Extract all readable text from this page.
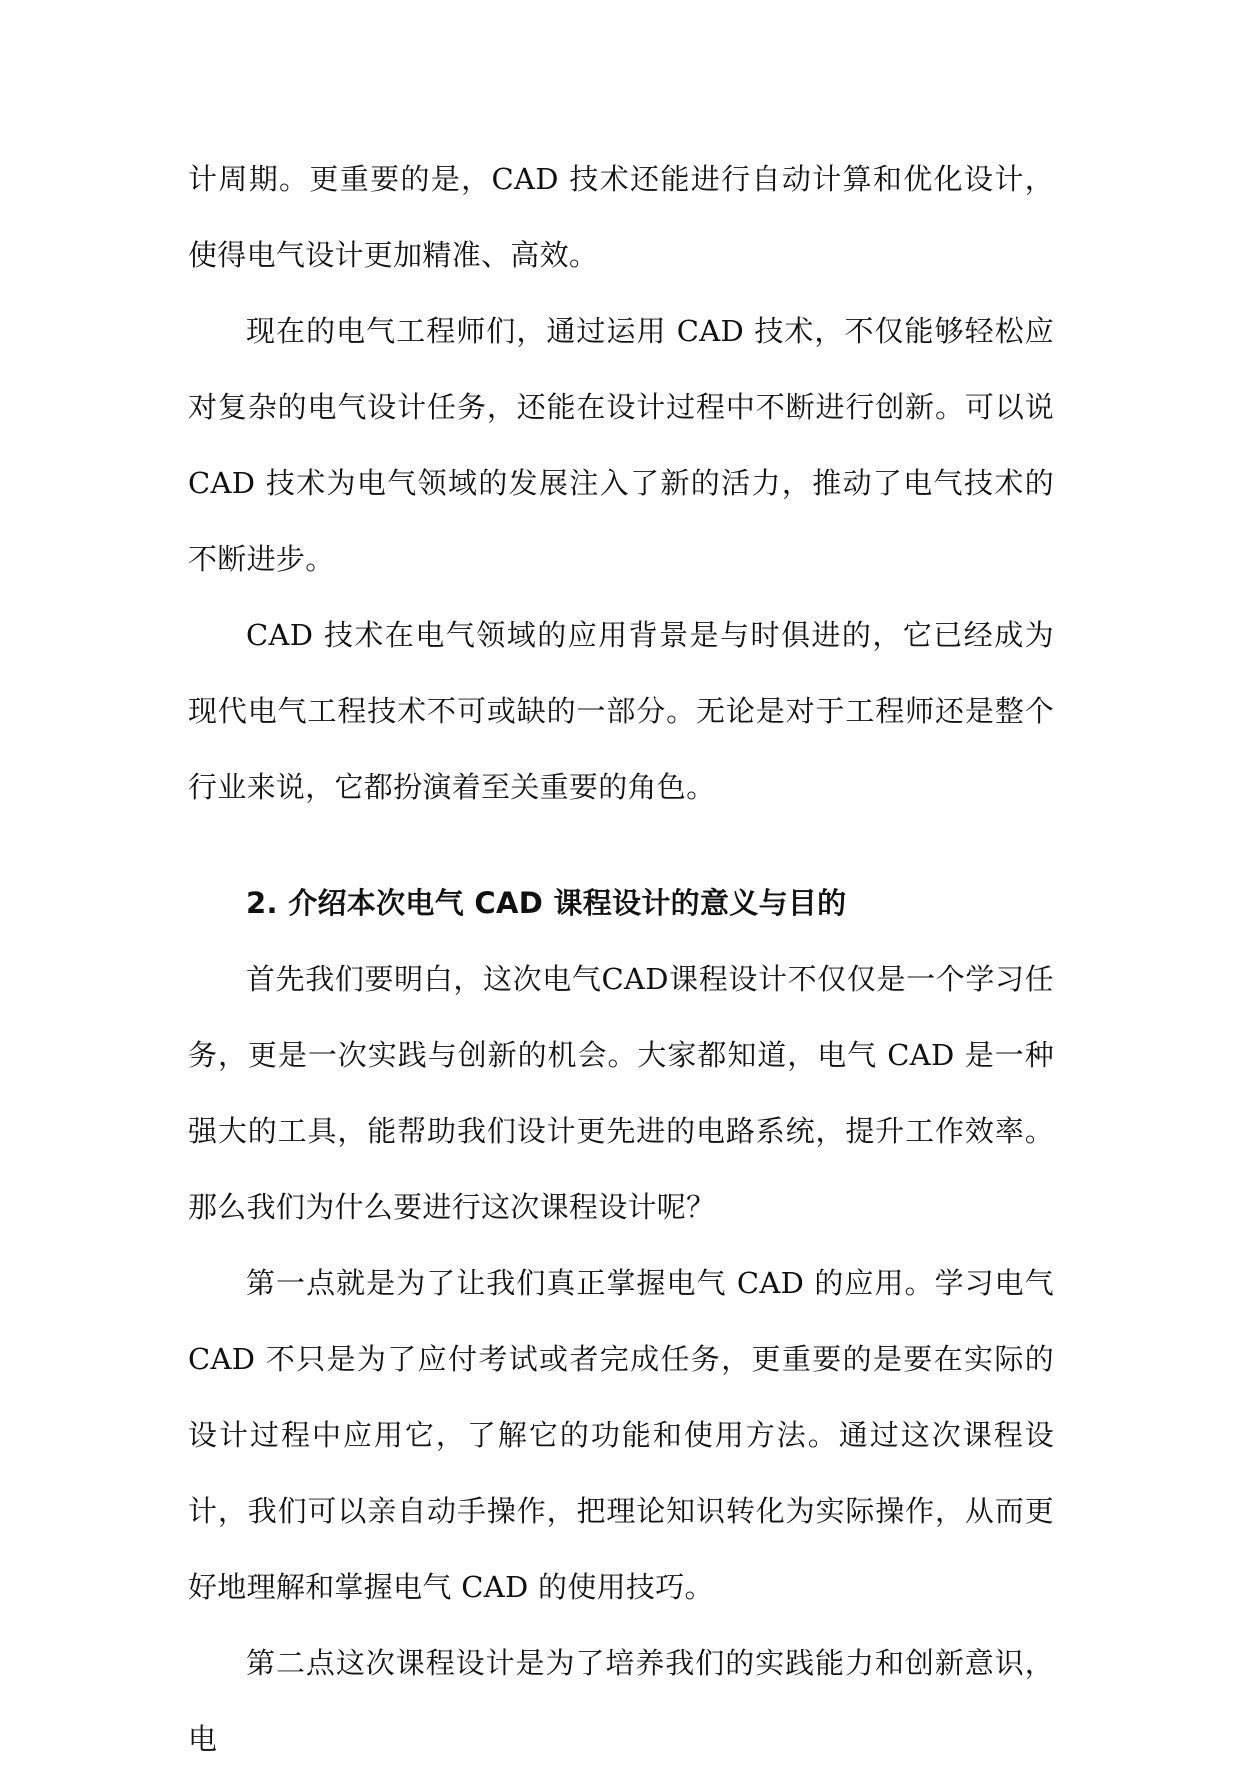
计周期。更重要的是，CAD 技术还能进行自动计算和优化设计，使得电气设计更加精准、高效。

现在的电气工程师们，通过运用 CAD 技术，不仅能够轻松应对复杂的电气设计任务，还能在设计过程中不断进行创新。可以说 CAD 技术为电气领域的发展注入了新的活力，推动了电气技术的不断进步。

CAD 技术在电气领域的应用背景是与时俱进的，它已经成为现代电气工程技术不可或缺的一部分。无论是对于工程师还是整个行业来说，它都扮演着至关重要的角色。

2. 介绍本次电气 CAD 课程设计的意义与目的

首先我们要明白，这次电气CAD课程设计不仅仅是一个学习任务，更是一次实践与创新的机会。大家都知道，电气 CAD 是一种强大的工具，能帮助我们设计更先进的电路系统，提升工作效率。那么我们为什么要进行这次课程设计呢？

第一点就是为了让我们真正掌握电气 CAD 的应用。学习电气 CAD 不只是为了应付考试或者完成任务，更重要的是要在实际的设计过程中应用它，了解它的功能和使用方法。通过这次课程设计，我们可以亲自动手操作，把理论知识转化为实际操作，从而更好地理解和掌握电气 CAD 的使用技巧。

第二点这次课程设计是为了培养我们的实践能力和创新意识，电
